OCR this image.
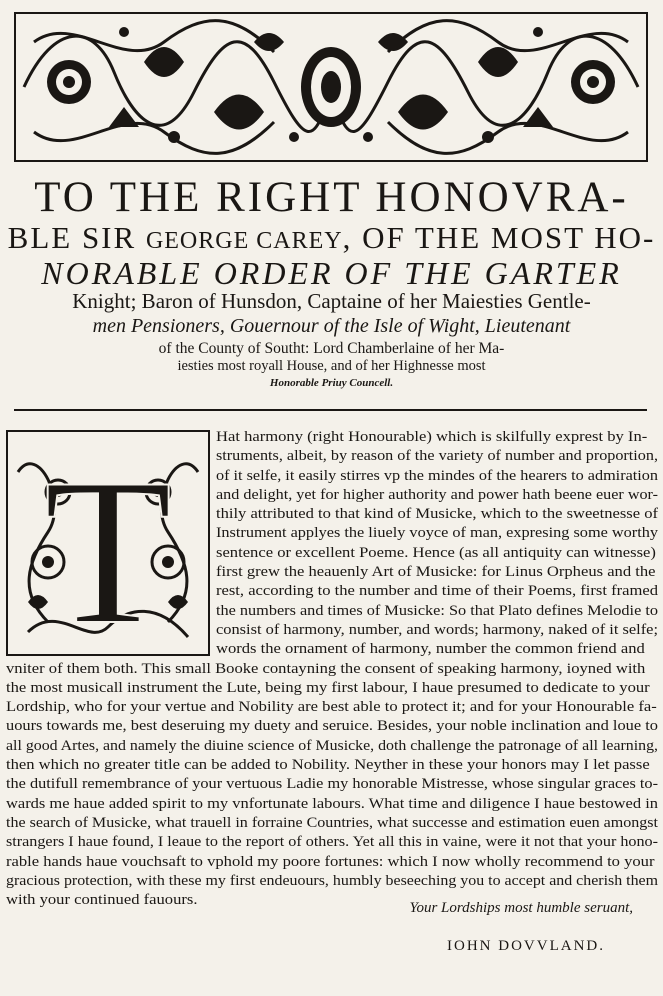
TO THE RIGHT HONOVRA-
BLE SIR GEORGE CAREY, OF THE MOST HO-
NORABLE ORDER OF THE GARTER
Knight; Baron of Hunsdon, Captaine of her Maiesties Gentle-
men Pensioners, Gouernour of the Isle of Wight, Lieutenant
of the County of Southt: Lord Chamberlaine of her Ma-
iesties most royall House, and of her Highnesse most
Honorable Priuy Councell.
T	Hat harmony (right Honourable) which is skilfully exprest by In-
struments, albeit, by reason of the variety of number and proportion,
of it selfe, it easily stirres vp the mindes of the hearers to admiration
and delight, yet for higher authority and power hath beene euer wor-
thily attributed to that kind of Musicke, which to the sweetnesse of
Instrument applyes the liuely voyce of man, expresing some worthy
sentence or excellent Poeme. Hence (as all antiquity can witnesse)
first grew the heauenly Art of Musicke: for Linus Orpheus and the
rest, according to the number and time of their Poems, first framed
the numbers and times of Musicke: So that Plato defines Melodie to
consist of harmony, number, and words; harmony, naked of it selfe;
words the ornament of harmony, number the common friend and
vniter of them both. This small Booke contayning the consent of speaking harmony, ioyned with
the most musicall instrument the Lute, being my first labour, I haue presumed to dedicate to your
Lordship, who for your vertue and Nobility are best able to protect it; and for your Honourable fa-
uours towards me, best deseruing my duety and seruice. Besides, your noble inclination and loue to
all good Artes, and namely the diuine science of Musicke, doth challenge the patronage of all learning,
then which no greater title can be added to Nobility. Neyther in these your honors may I let passe
the dutifull remembrance of your vertuous Ladie my honorable Mistresse, whose singular graces to-
wards me haue added spirit to my vnfortunate labours. What time and diligence I haue bestowed in
the search of Musicke, what trauell in forraine Countries, what successe and estimation euen amongst
strangers I haue found, I leaue to the report of others. Yet all this in vaine, were it not that your hono-
rable hands haue vouchsaft to vphold my poore fortunes: which I now wholly recommend to your
gracious protection, with these my first endeuours, humbly beseeching you to accept and cherish them
with your continued fauours.	Your Lordships most humble seruant,
IOHN DOVVLAND.
